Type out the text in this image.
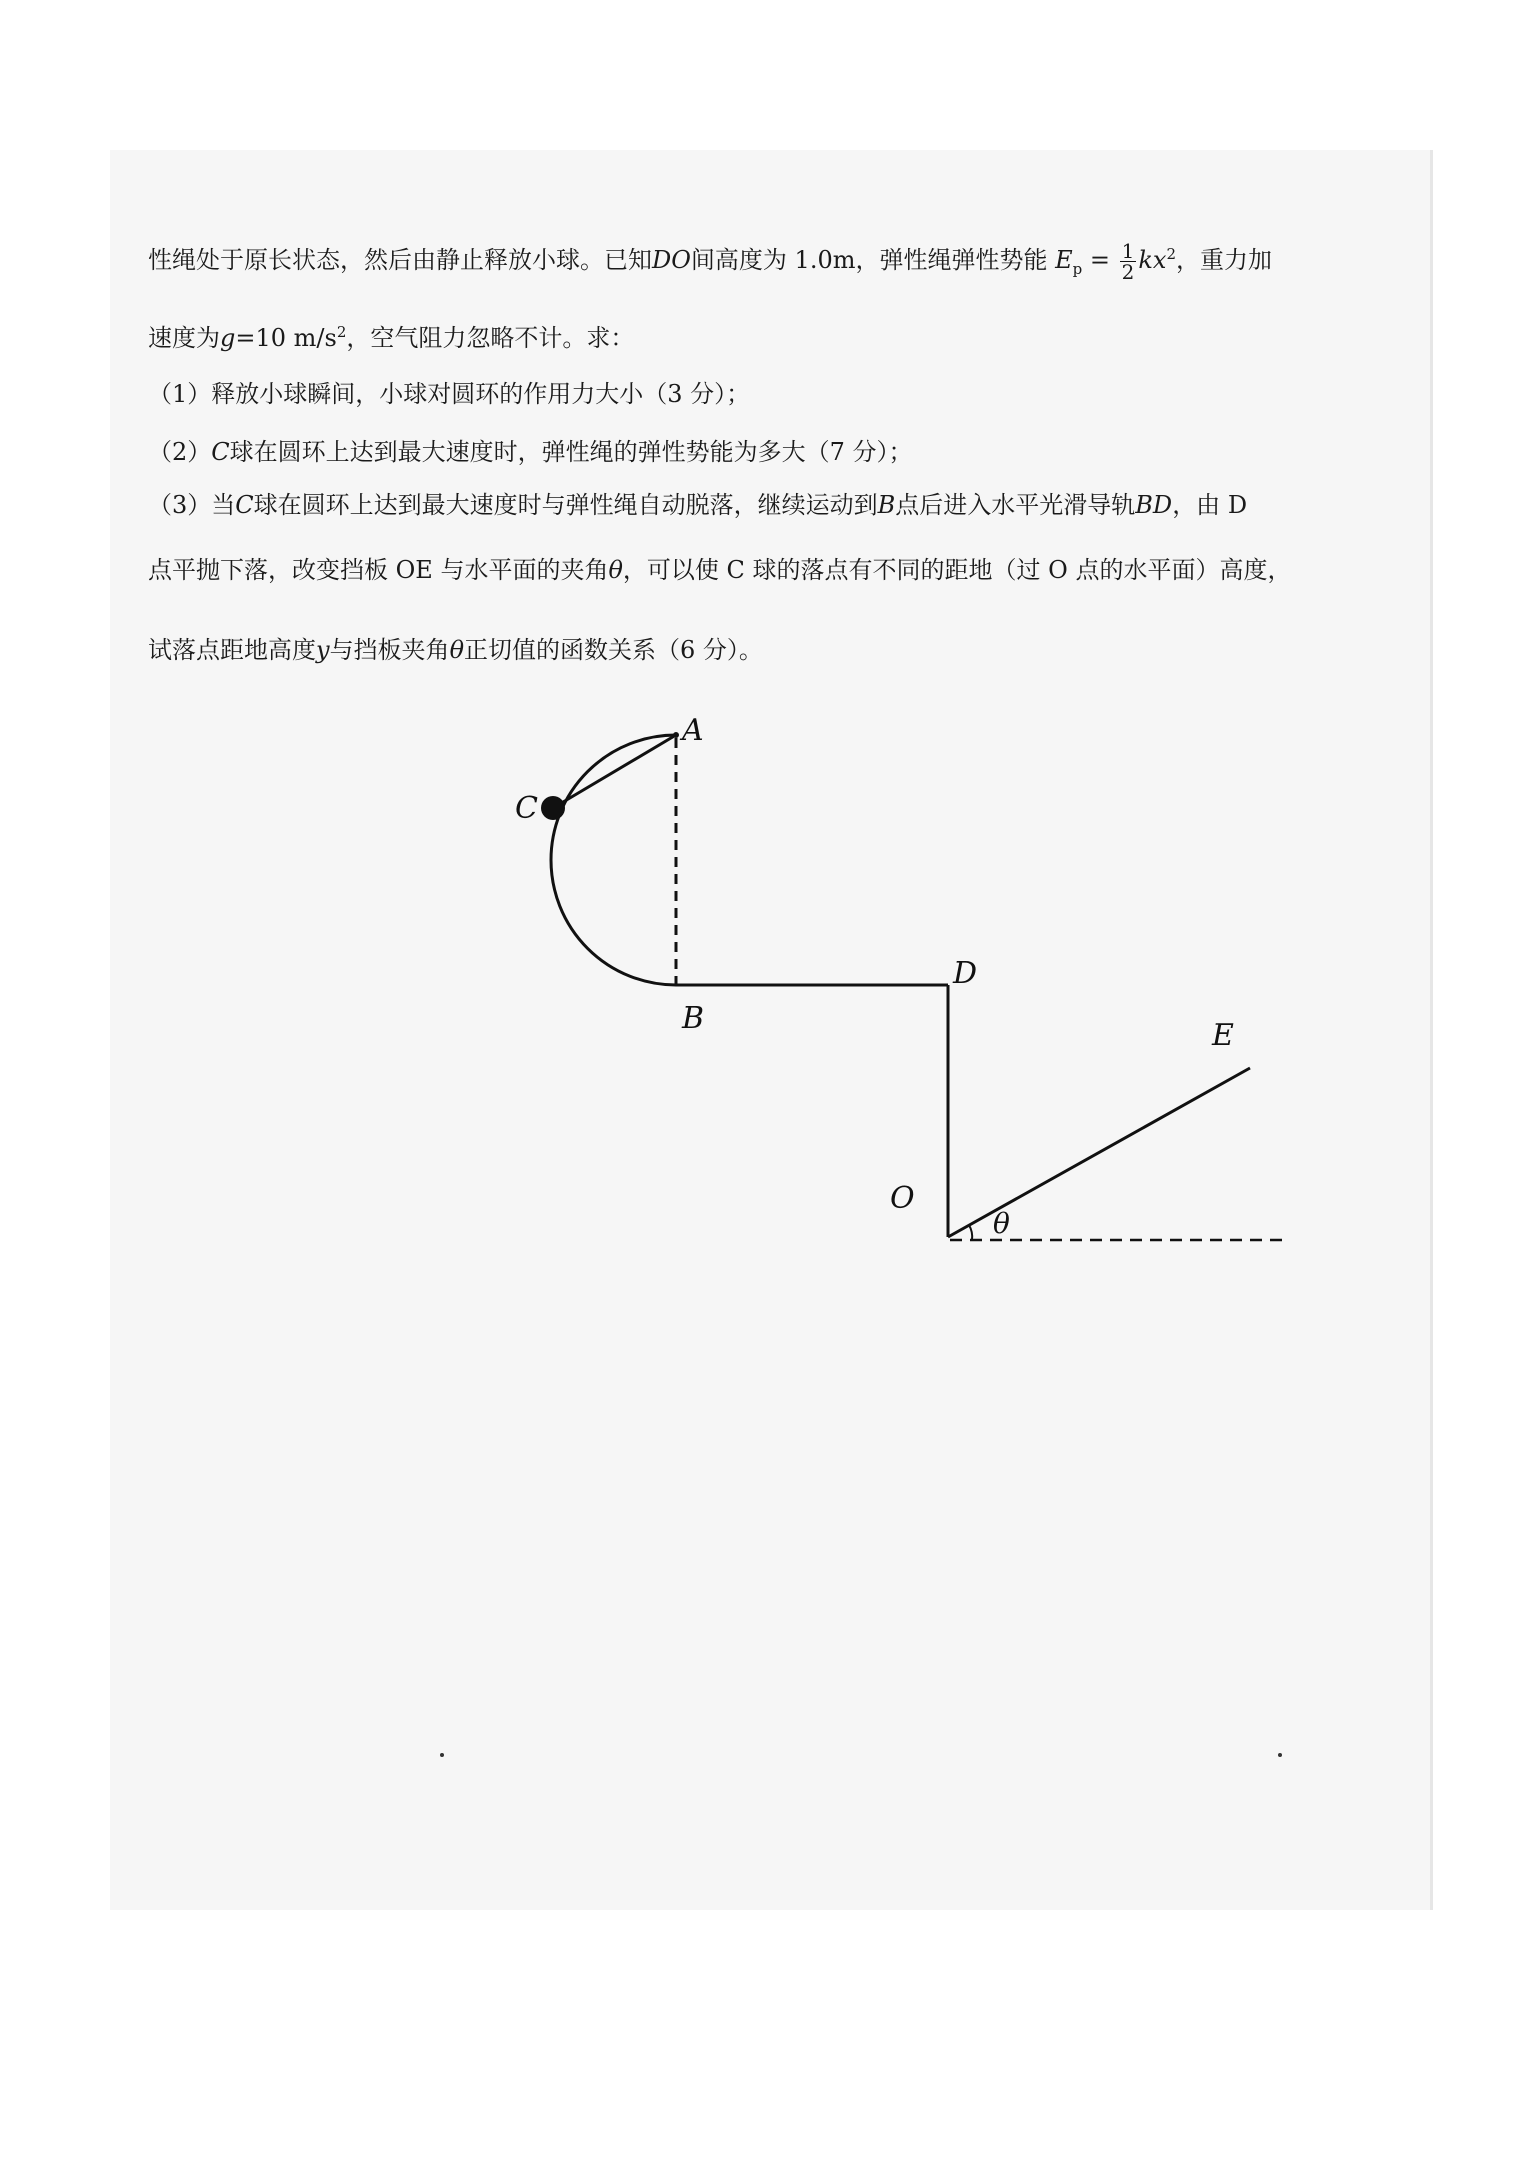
性绳处于原长状态，然后由静止释放小球。已知DO间高度为 1.0m，弹性绳弹性势能 $E_p = \frac{1}{2} kx^2$，重力加
速度为g=10 $m/s^2$，空气阻力忽略不计。求：
（1）释放小球瞬间，小球对圆环的作用力大小（3 分）；
（2）C球在圆环上达到最大速度时，弹性绳的弹性势能为多大（7 分）；
（3）当C球在圆环上达到最大速度时与弹性绳自动脱落，继续运动到B点后进入水平光滑导轨BD，由 D
点平抛下落，改变挡板 OE 与水平面的夹角θ，可以使 C 球的落点有不同的距地（过 O 点的水平面）高度，
试落点距地高度y与挡板夹角θ正切值的函数关系（6 分）。
A
C
B
D
E
O
θ
